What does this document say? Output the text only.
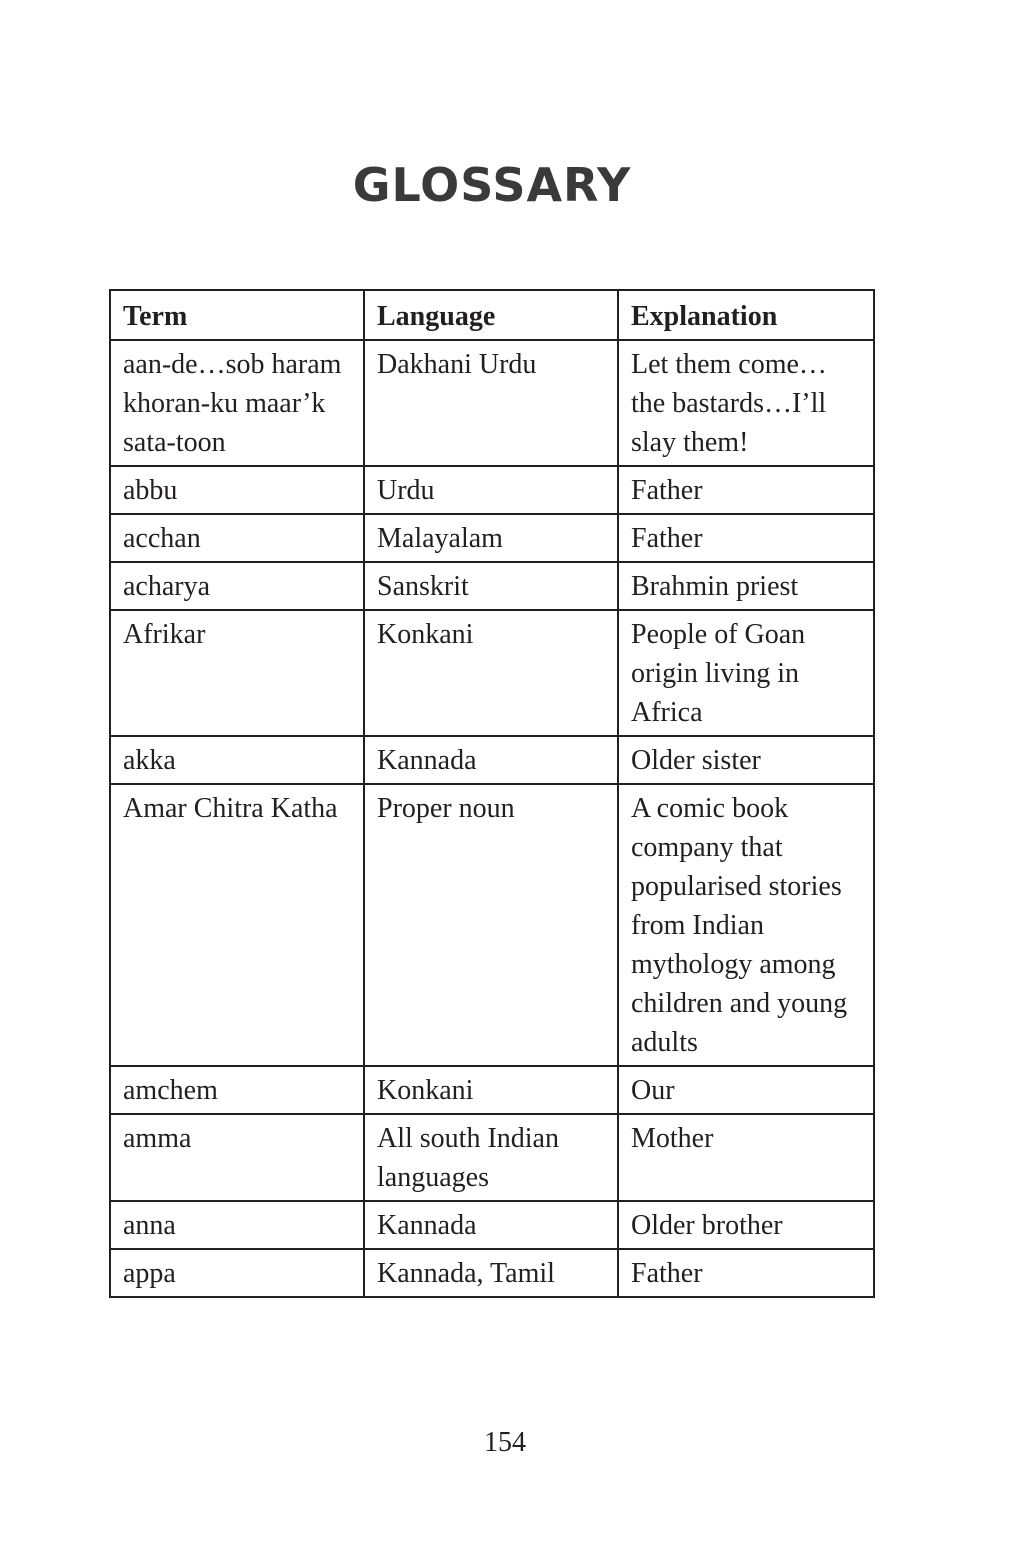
GLOSSARY
Term	Language	Explanation
aan-de…sob haram khoran-ku maar’k sata-toon	Dakhani Urdu	Let them come… the bastards…I’ll slay them!
abbu	Urdu	Father
acchan	Malayalam	Father
acharya	Sanskrit	Brahmin priest
Afrikar	Konkani	People of Goan origin living in Africa
akka	Kannada	Older sister
Amar Chitra Katha	Proper noun	A comic book company that popularised stories from Indian mythology among children and young adults
amchem	Konkani	Our
amma	All south Indian languages	Mother
anna	Kannada	Older brother
appa	Kannada, Tamil	Father
154
